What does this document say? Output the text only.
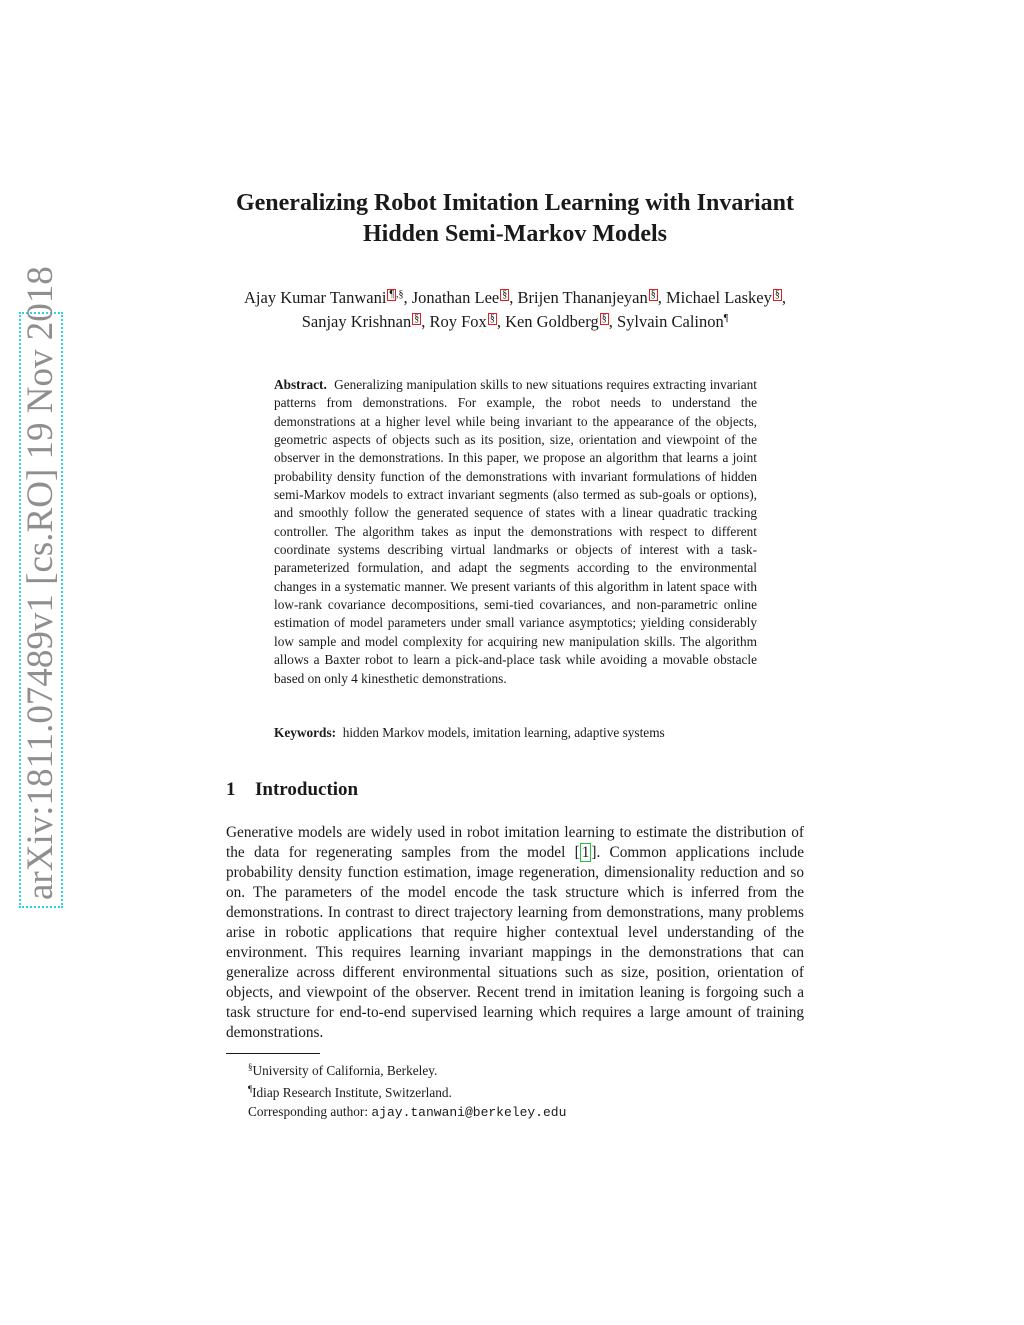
arXiv:1811.07489v1 [cs.RO] 19 Nov 2018
Generalizing Robot Imitation Learning with Invariant
Hidden Semi-Markov Models
Ajay Kumar Tanwani ¶ ,§, Jonathan Lee § , Brijen Thananjeyan § , Michael Laskey § ,
Sanjay Krishnan § , Roy Fox § , Ken Goldberg § , Sylvain Calinon¶
Abstract. Generalizing manipulation skills to new situations requires extracting invariant patterns from demonstrations. For example, the robot needs to understand the demonstrations at a higher level while being invariant to the appearance of the objects, geometric aspects of objects such as its position, size, orientation and viewpoint of the observer in the demonstrations. In this paper, we propose an algorithm that learns a joint probability density function of the demonstrations with invariant formulations of hidden semi-Markov models to extract invariant segments (also termed as sub-goals or options), and smoothly follow the generated sequence of states with a linear quadratic tracking controller. The algorithm takes as input the demonstrations with respect to different coordinate systems describing virtual landmarks or objects of interest with a task-parameterized formulation, and adapt the segments according to the environmental changes in a systematic manner. We present variants of this algorithm in latent space with low-rank covariance decompositions, semi-tied covariances, and non-parametric online estimation of model parameters under small variance asymptotics; yielding considerably low sample and model complexity for acquiring new manipulation skills. The algorithm allows a Baxter robot to learn a pick-and-place task while avoiding a movable obstacle based on only 4 kinesthetic demonstrations.
Keywords: hidden Markov models, imitation learning, adaptive systems
1 Introduction
Generative models are widely used in robot imitation learning to estimate the distribution of the data for regenerating samples from the model [ 1 ]. Common applications include probability density function estimation, image regeneration, dimensionality reduction and so on. The parameters of the model encode the task structure which is inferred from the demonstrations. In contrast to direct trajectory learning from demonstrations, many problems arise in robotic applications that require higher contextual level understanding of the environment. This requires learning invariant mappings in the demonstrations that can generalize across different environmental situations such as size, position, orientation of objects, and viewpoint of the observer. Recent trend in imitation leaning is forgoing such a task structure for end-to-end supervised learning which requires a large amount of training demonstrations.
§University of California, Berkeley.
¶Idiap Research Institute, Switzerland.
Corresponding author: ajay.tanwani@berkeley.edu
